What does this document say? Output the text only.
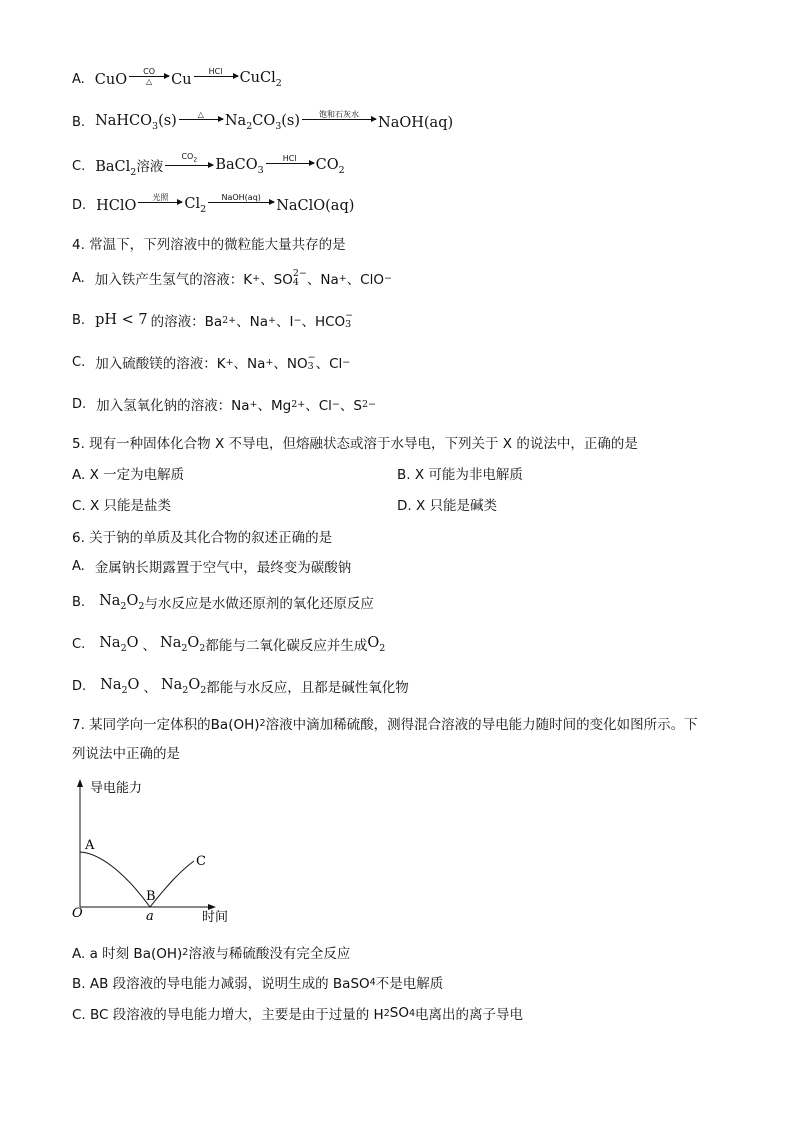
A. CuO CO
△ Cu HCl CuCl$_2$
B. NaHCO$_3$(s)	△ $Na_2CO_3(s)$ 饱和石灰水 NaOH(aq)
C. BaCl$_2$溶液
$CO_2$ BaCO$_3$
HCl $CO_2$
D. HClO 光照 $Cl_2$
NaOH(aq) NaClO(aq)
4. 常温下，下列溶液中的微粒能大量共存的是
A. 加入铁产生氢气的溶液：K + 、SO 2−
4 、Na + 、ClO −
B. pH < 7 的溶液：Ba 2+ 、Na + 、I − 、HCO −
3
C. 加入硫酸镁的溶液：K + 、Na + 、NO −
3 、Cl −
D. 加入氢氧化钠的溶液：Na + 、Mg 2+ 、Cl − 、S 2−
5. 现有一种固体化合物 X 不导电，但熔融状态或溶于水导电，下列关于 X 的说法中，正确的是
A. X 一定为电解质	B. X 可能为非电解质
C. X 只能是盐类	D. X 只能是碱类
6. 关于钠的单质及其化合物的叙述正确的是
A. 金属钠长期露置于空气中，最终变为碳酸钠
B. $Na_2O_2$ 与水反应是水做还原剂的氧化还原反应
C. $Na_2O$ 、 $Na_2O_2$ 都能与二氧化碳反应并生成 $O_2$
D. $Na_2O$ 、 $Na_2O_2$ 都能与水反应，且都是碱性氧化物
7. 某同学向一定体积的Ba(OH) 2 溶液中滴加稀硫酸，测得混合溶液的导电能力随时间的变化如图所示。下
列说法中正确的是
导电能力
时间
O
A
B
C
a
A. a 时刻 Ba(OH) 2 溶液与稀硫酸没有完全反应
B. AB 段溶液的导电能力减弱，说明生成的 BaSO 4 不是电解质
C. BC 段溶液的导电能力增大，主要是由于过量的 H 2 SO 4 电离出的离子导电
